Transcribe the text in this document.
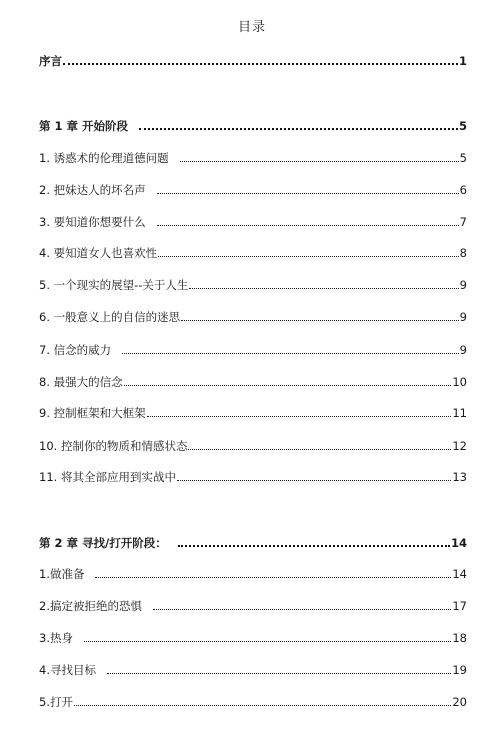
目录
序言	1
第 1 章 开始阶段	5
1. 诱惑术的伦理道德问题	5
2. 把妹达人的坏名声	6
3. 要知道你想要什么	7
4. 要知道女人也喜欢性	8
5. 一个现实的展望--关于人生	9
6. 一般意义上的自信的迷思	9
7. 信念的威力	9
8. 最强大的信念	10
9. 控制框架和大框架	11
10. 控制你的物质和情感状态	12
11. 将其全部应用到实战中	13
第 2 章 寻找/打开阶段：	14
1.做准备	14
2.搞定被拒绝的恐惧	17
3.热身	18
4.寻找目标	19
5.打开	20
